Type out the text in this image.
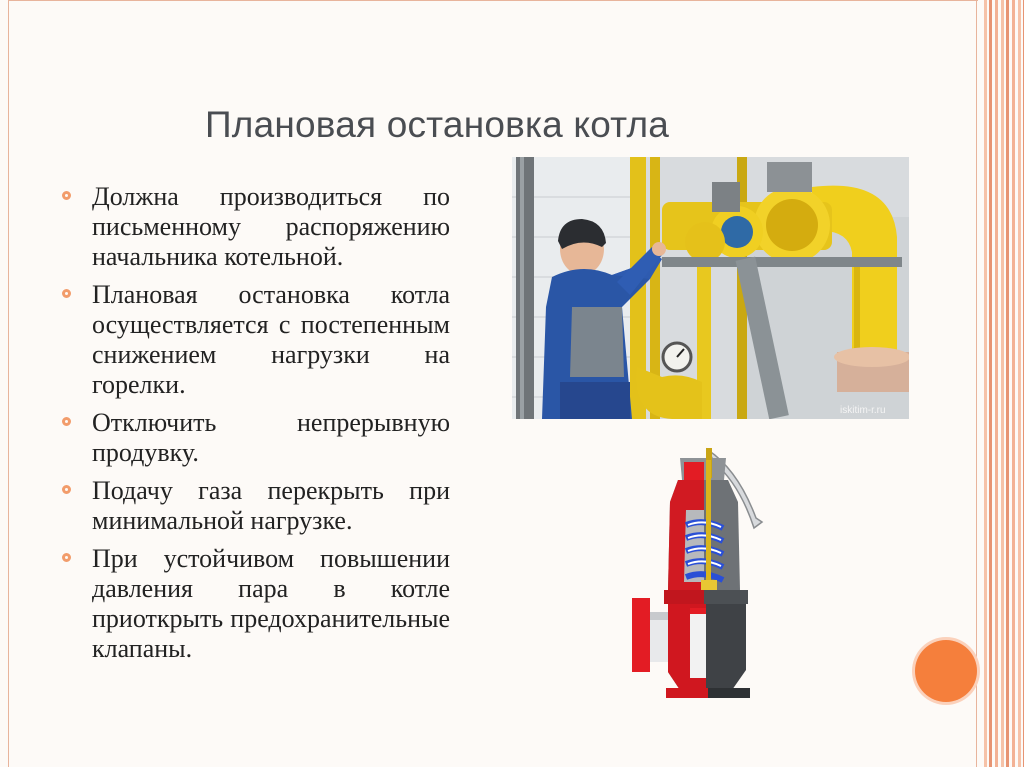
Плановая остановка котла
Должна производиться по письменному распоряжению начальника котельной.
Плановая остановка котла осуществляется с постепенным снижением нагрузки на горелки.
Отключить непрерывную продувку.
Подачу газа перекрыть при минимальной нагрузке.
При устойчивом повышении давления пара в котле приоткрыть предохранительные клапаны.
iskitim-r.ru
